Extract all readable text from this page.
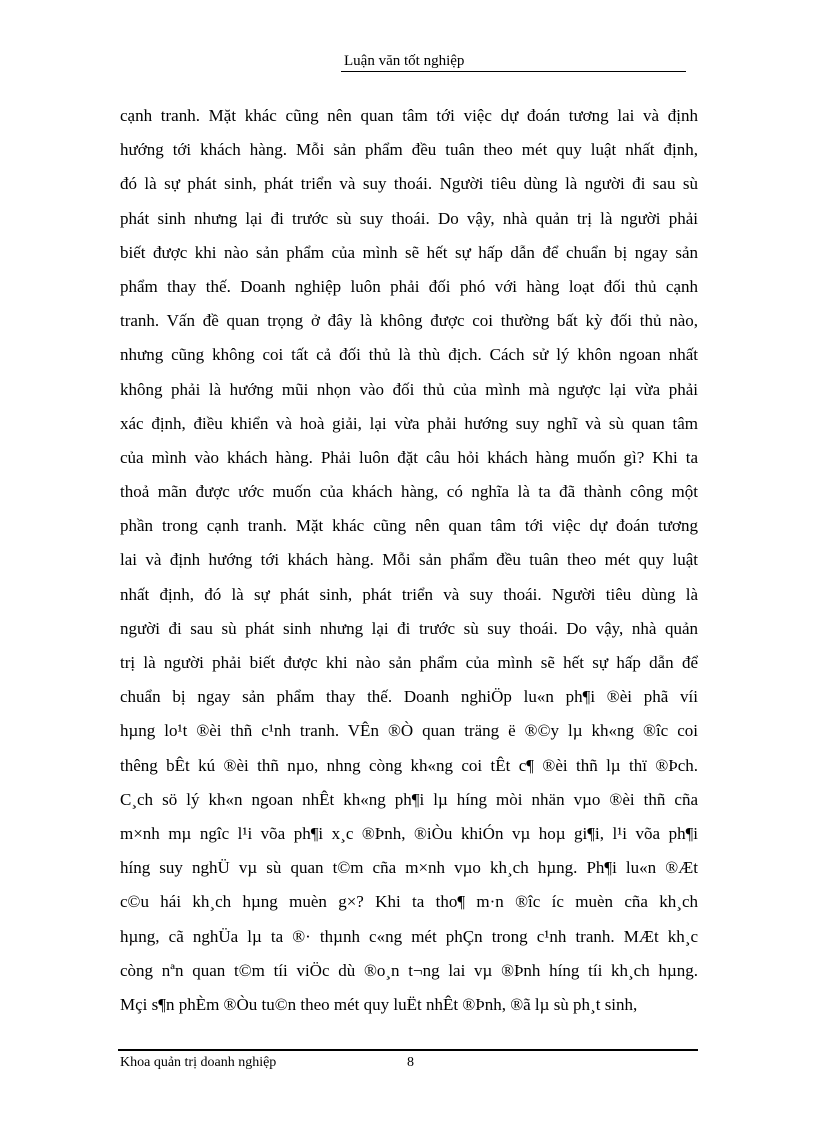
Luận văn tốt nghiệp
cạnh tranh. Mặt khác cũng nên quan tâm tới việc dự đoán tương lai và định
hướng tới khách hàng. Mỗi sản phẩm đều tuân theo mét quy luật nhất định,
đó là sự phát sinh, phát triển và suy thoái. Người tiêu dùng là người đi sau sù
phát sinh nhưng lại đi trước sù suy thoái. Do vậy, nhà quản trị là người phải
biết được khi nào sản phẩm của mình sẽ hết sự hấp dẫn để chuẩn bị ngay sản
phẩm thay thế. Doanh nghiệp luôn phải đối phó với hàng loạt đối thủ cạnh
tranh. Vấn đề quan trọng ở đây là không được coi thường bất kỳ đối thủ nào,
nhưng cũng không coi tất cả đối thủ là thù địch. Cách sử lý khôn ngoan nhất
không phải là hướng mũi nhọn vào đối thủ của mình mà ngược lại vừa phải
xác định, điều khiển và hoà giải, lại vừa phải hướng suy nghĩ và sù quan tâm
của mình vào khách hàng. Phải luôn đặt câu hỏi khách hàng muốn gì? Khi ta
thoả mãn được ước muốn của khách hàng, có nghĩa là ta đã thành công một
phần trong cạnh tranh. Mặt khác cũng nên quan tâm tới việc dự đoán tương
lai và định hướng tới khách hàng. Mỗi sản phẩm đều tuân theo mét quy luật
nhất định, đó là sự phát sinh, phát triển và suy thoái. Người tiêu dùng là
người đi sau sù phát sinh nhưng lại đi trước sù suy thoái. Do vậy, nhà quản
trị là người phải biết được khi nào sản phẩm của mình sẽ hết sự hấp dẫn để
chuẩn bị ngay sản phẩm thay thế. Doanh nghiÖp lu«n ph¶i ®èi phã víi
hµng lo¹t ®èi thñ c¹nh tranh. VÊn ®Ò quan träng ë ®©y lµ kh«ng ®îc coi
thêng bÊt kú ®èi thñ nµo, nhng còng kh«ng coi tÊt c¶ ®èi thñ lµ thï ®Þch.
C¸ch sö lý kh«n ngoan nhÊt kh«ng ph¶i lµ híng mòi nhän vµo ®èi thñ cña
m×nh mµ ngîc l¹i võa ph¶i x¸c ®Þnh, ®iÒu khiÓn vµ hoµ gi¶i, l¹i võa ph¶i
híng suy nghÜ vµ sù quan t©m cña m×nh vµo kh¸ch hµng. Ph¶i lu«n ®Æt
c©u hái kh¸ch hµng muèn g×? Khi ta tho¶ m·n ®îc íc muèn cña kh¸ch
hµng, cã nghÜa lµ ta ®· thµnh c«ng mét phÇn trong c¹nh tranh. MÆt kh¸c
còng nªn quan t©m tíi viÖc dù ®o¸n t¬ng lai vµ ®Þnh híng tíi kh¸ch hµng.
Mçi s¶n phÈm ®Òu tu©n theo mét quy luËt nhÊt ®Þnh, ®ã lµ sù ph¸t sinh,
Khoa quản trị doanh nghiệp	8
